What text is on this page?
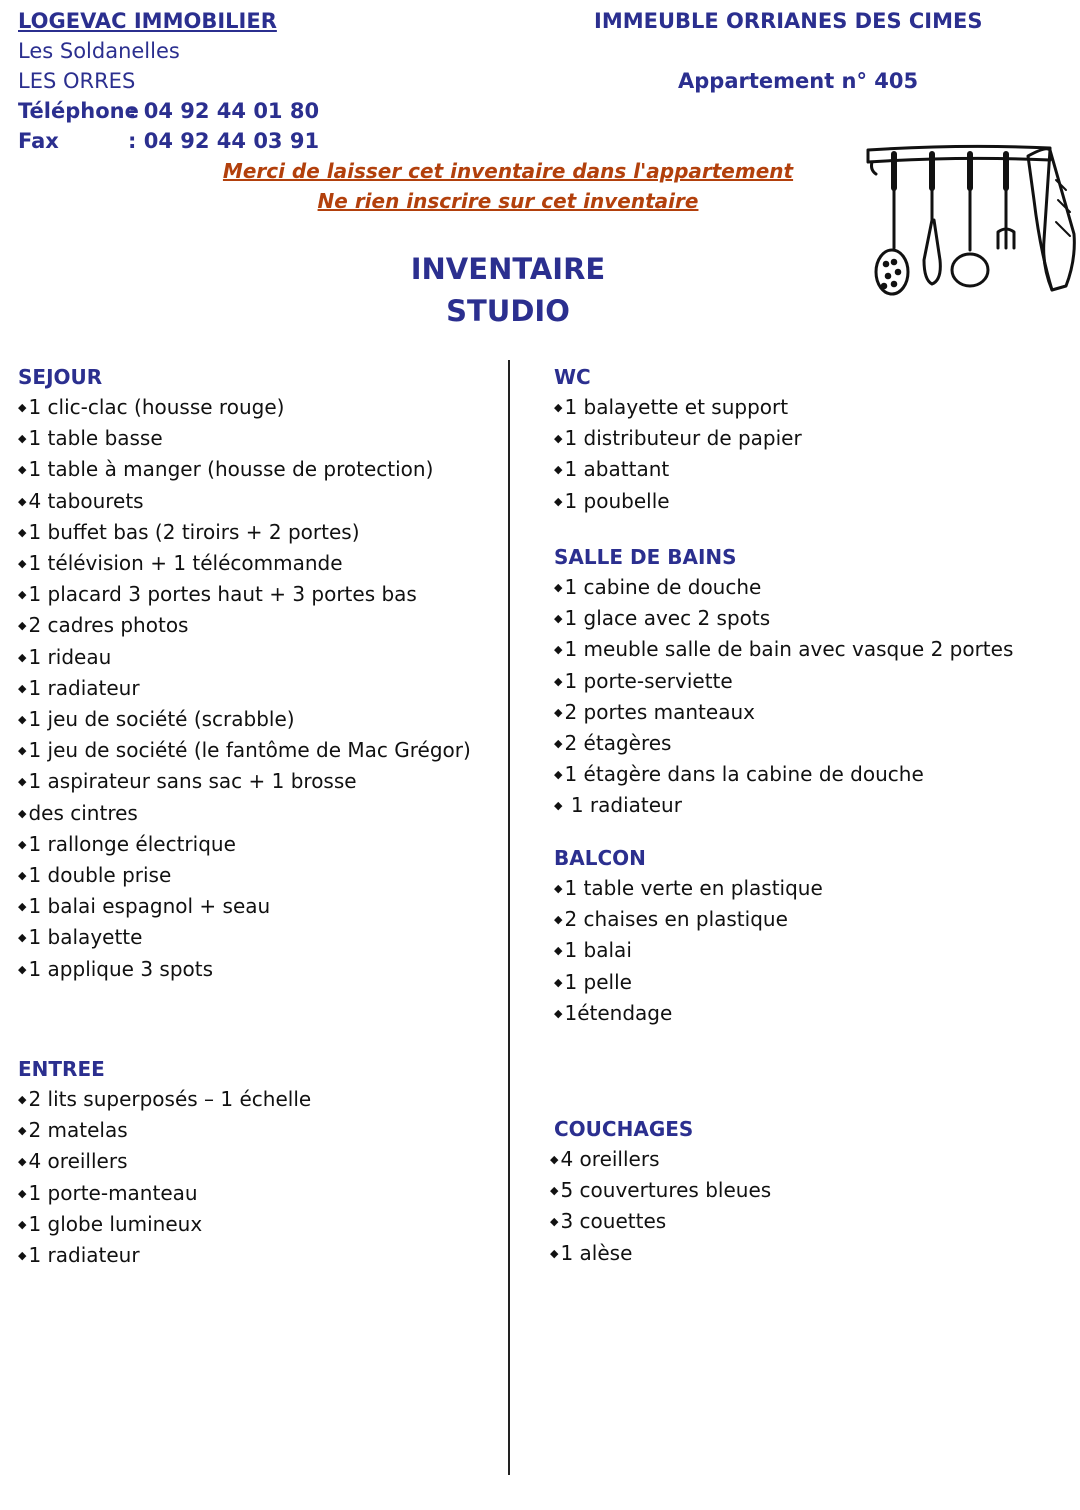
LOGEVAC IMMOBILIER
Les Soldanelles
LES ORRES
Téléphone
: 04 92 44 01 80
Fax	: 04 92 44 03 91
IMMEUBLE ORRIANES DES CIMES
Appartement n° 405
Merci de laisser cet inventaire dans l'appartement
Ne rien inscrire sur cet inventaire
INVENTAIRE
STUDIO
SEJOUR
◆ 1 clic-clac (housse rouge)
◆ 1 table basse
◆ 1 table à manger (housse de protection)
◆ 4 tabourets
◆ 1 buffet bas (2 tiroirs + 2 portes)
◆ 1 télévision + 1 télécommande
◆ 1 placard 3 portes haut + 3 portes bas
◆ 2 cadres photos
◆ 1 rideau
◆ 1 radiateur
◆ 1 jeu de société (scrabble)
◆ 1 jeu de société (le fantôme de Mac Grégor)
◆ 1 aspirateur sans sac + 1 brosse
◆ des cintres
◆ 1 rallonge électrique
◆ 1 double prise
◆ 1 balai espagnol + seau
◆ 1 balayette
◆ 1 applique 3 spots
ENTREE
◆ 2 lits superposés – 1 échelle
◆ 2 matelas
◆ 4 oreillers
◆ 1 porte-manteau
◆ 1 globe lumineux
◆ 1 radiateur
WC
◆ 1 balayette et support
◆ 1 distributeur de papier
◆ 1 abattant
◆ 1 poubelle
SALLE DE BAINS
◆ 1 cabine de douche
◆ 1 glace avec 2 spots
◆ 1 meuble salle de bain avec vasque 2 portes
◆ 1 porte-serviette
◆ 2 portes manteaux
◆ 2 étagères
◆ 1 étagère dans la cabine de douche
◆ 1 radiateur
BALCON
◆ 1 table verte en plastique
◆ 2 chaises en plastique
◆ 1 balai
◆ 1 pelle
◆ 1étendage
COUCHAGES
◆ 4 oreillers
◆ 5 couvertures bleues
◆ 3 couettes
◆ 1 alèse
